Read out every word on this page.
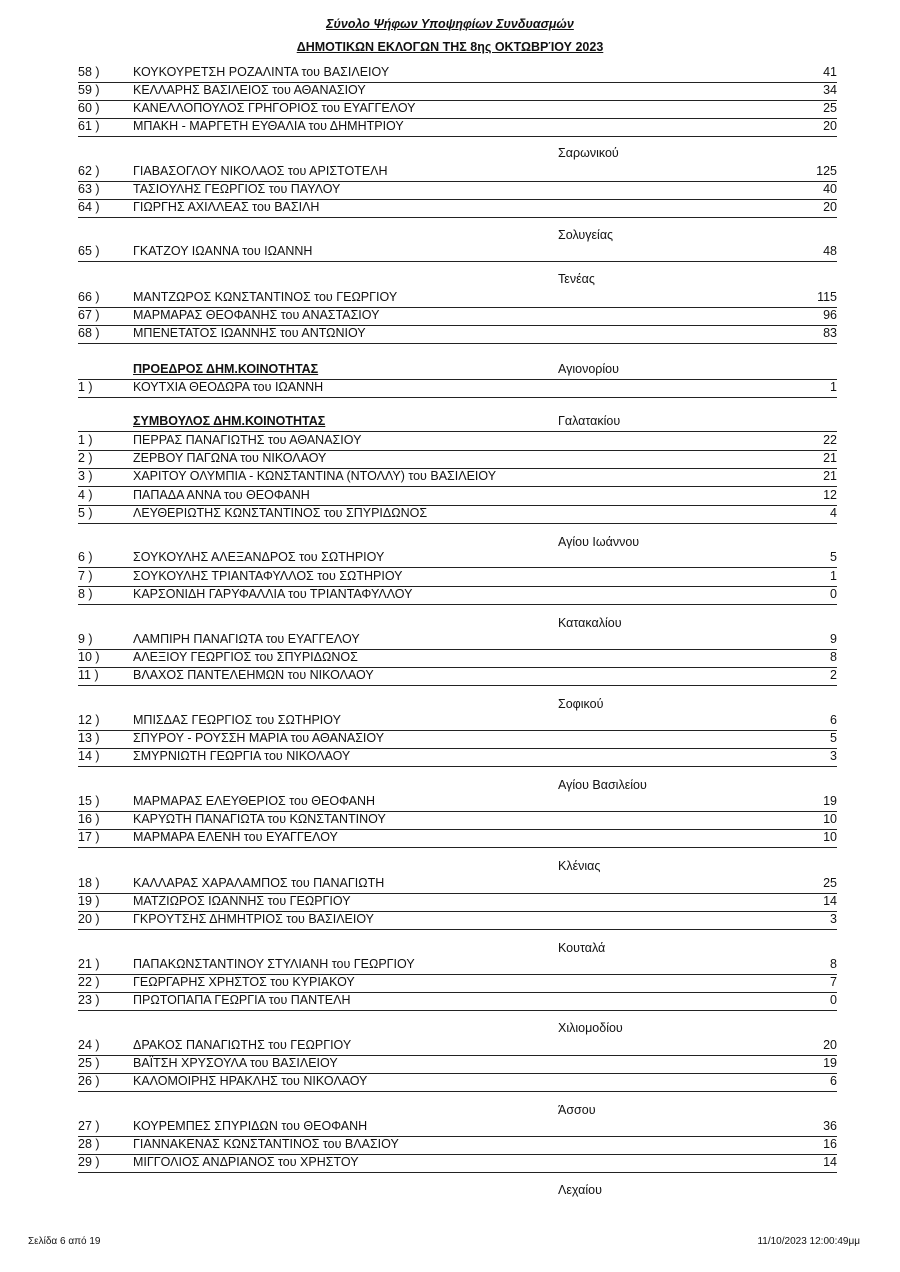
Σύνολο Ψήφων Υποψηφίων Συνδυασμών
ΔΗΜΟΤΙΚΩΝ ΕΚΛΟΓΩΝ ΤΗΣ 8ης ΟΚΤΩΒΡΊΟΥ 2023
58 )	ΚΟΥΚΟΥΡΕΤΣΗ ΡΟΖΑΛΙΝΤΑ του ΒΑΣΙΛΕΙΟΥ	41
59 )	ΚΕΛΛΑΡΗΣ ΒΑΣΙΛΕΙΟΣ του ΑΘΑΝΑΣΙΟΥ	34
60 )	ΚΑΝΕΛΛΟΠΟΥΛΟΣ ΓΡΗΓΟΡΙΟΣ του ΕΥΑΓΓΕΛΟΥ	25
61 )	ΜΠΑΚΗ - ΜΑΡΓΕΤΗ ΕΥΘΑΛΙΑ του ΔΗΜΗΤΡΙΟΥ	20
Σαρωνικού
62 )	ΓΙΑΒΑΣΟΓΛΟΥ ΝΙΚΟΛΑΟΣ του ΑΡΙΣΤΟΤΕΛΗ	125
63 )	ΤΑΣΙΟΥΛΗΣ ΓΕΩΡΓΙΟΣ του ΠΑΥΛΟΥ	40
64 )	ΓΙΩΡΓΗΣ ΑΧΙΛΛΕΑΣ του ΒΑΣΙΛΗ	20
Σολυγείας
65 )	ΓΚΑΤΖΟΥ ΙΩΑΝΝΑ του ΙΩΑΝΝΗ	48
Τενέας
66 )	ΜΑΝΤΖΩΡΟΣ ΚΩΝΣΤΑΝΤΙΝΟΣ του ΓΕΩΡΓΙΟΥ	115
67 )	ΜΑΡΜΑΡΑΣ ΘΕΟΦΑΝΗΣ του ΑΝΑΣΤΑΣΙΟΥ	96
68 )	ΜΠΕΝΕΤΑΤΟΣ ΙΩΑΝΝΗΣ του ΑΝΤΩΝΙΟΥ	83
ΠΡΟΕΔΡΟΣ ΔΗΜ.ΚΟΙΝΟΤΗΤΑΣ	Αγιονορίου
1 )	ΚΟΥΤΧΙΑ ΘΕΟΔΩΡΑ του ΙΩΑΝΝΗ	1
ΣΥΜΒΟΥΛΟΣ ΔΗΜ.ΚΟΙΝΟΤΗΤΑΣ	Γαλατακίου
1 )	ΠΕΡΡΑΣ ΠΑΝΑΓΙΩΤΗΣ του ΑΘΑΝΑΣΙΟΥ	22
2 )	ΖΕΡΒΟΥ ΠΑΓΩΝΑ του ΝΙΚΟΛΑΟΥ	21
3 )	ΧΑΡΙΤΟΥ ΟΛΥΜΠΙΑ - ΚΩΝΣΤΑΝΤΙΝΑ (ΝΤΟΛΛΥ) του ΒΑΣΙΛΕΙΟΥ	21
4 )	ΠΑΠΑΔΑ ΑΝΝΑ του ΘΕΟΦΑΝΗ	12
5 )	ΛΕΥΘΕΡΙΩΤΗΣ ΚΩΝΣΤΑΝΤΙΝΟΣ του ΣΠΥΡΙΔΩΝΟΣ	4
Αγίου Ιωάννου
6 )	ΣΟΥΚΟΥΛΗΣ ΑΛΕΞΑΝΔΡΟΣ του ΣΩΤΗΡΙΟΥ	5
7 )	ΣΟΥΚΟΥΛΗΣ ΤΡΙΑΝΤΑΦΥΛΛΟΣ του ΣΩΤΗΡΙΟΥ	1
8 )	ΚΑΡΣΟΝΙΔΗ ΓΑΡΥΦΑΛΛΙΑ του ΤΡΙΑΝΤΑΦΥΛΛΟΥ	0
Κατακαλίου
9 )	ΛΑΜΠΙΡΗ ΠΑΝΑΓΙΩΤΑ του ΕΥΑΓΓΕΛΟΥ	9
10 )	ΑΛΕΞΙΟΥ ΓΕΩΡΓΙΟΣ του ΣΠΥΡΙΔΩΝΟΣ	8
11 )	ΒΛΑΧΟΣ ΠΑΝΤΕΛΕΗΜΩΝ του ΝΙΚΟΛΑΟΥ	2
Σοφικού
12 )	ΜΠΙΣΔΑΣ ΓΕΩΡΓΙΟΣ του ΣΩΤΗΡΙΟΥ	6
13 )	ΣΠΥΡΟΥ - ΡΟΥΣΣΗ ΜΑΡΙΑ του ΑΘΑΝΑΣΙΟΥ	5
14 )	ΣΜΥΡΝΙΩΤΗ ΓΕΩΡΓΙΑ του ΝΙΚΟΛΑΟΥ	3
Αγίου Βασιλείου
15 )	ΜΑΡΜΑΡΑΣ ΕΛΕΥΘΕΡΙΟΣ του ΘΕΟΦΑΝΗ	19
16 )	ΚΑΡΥΩΤΗ ΠΑΝΑΓΙΩΤΑ του ΚΩΝΣΤΑΝΤΙΝΟΥ	10
17 )	ΜΑΡΜΑΡΑ ΕΛΕΝΗ του ΕΥΑΓΓΕΛΟΥ	10
Κλένιας
18 )	ΚΑΛΛΑΡΑΣ ΧΑΡΑΛΑΜΠΟΣ του ΠΑΝΑΓΙΩΤΗ	25
19 )	ΜΑΤΖΙΩΡΟΣ ΙΩΑΝΝΗΣ του ΓΕΩΡΓΙΟΥ	14
20 )	ΓΚΡΟΥΤΣΗΣ ΔΗΜΗΤΡΙΟΣ του ΒΑΣΙΛΕΙΟΥ	3
Κουταλά
21 )	ΠΑΠΑΚΩΝΣΤΑΝΤΙΝΟΥ ΣΤΥΛΙΑΝΗ του ΓΕΩΡΓΙΟΥ	8
22 )	ΓΕΩΡΓΑΡΗΣ ΧΡΗΣΤΟΣ του ΚΥΡΙΑΚΟΥ	7
23 )	ΠΡΩΤΟΠΑΠΑ ΓΕΩΡΓΙΑ του ΠΑΝΤΕΛΗ	0
Χιλιομοδίου
24 )	ΔΡΑΚΟΣ ΠΑΝΑΓΙΩΤΗΣ του ΓΕΩΡΓΙΟΥ	20
25 )	ΒΑΪΤΣΗ ΧΡΥΣΟΥΛΑ του ΒΑΣΙΛΕΙΟΥ	19
26 )	ΚΑΛΟΜΟΙΡΗΣ ΗΡΑΚΛΗΣ του ΝΙΚΟΛΑΟΥ	6
Άσσου
27 )	ΚΟΥΡΕΜΠΕΣ ΣΠΥΡΙΔΩΝ του ΘΕΟΦΑΝΗ	36
28 )	ΓΙΑΝΝΑΚΕΝΑΣ ΚΩΝΣΤΑΝΤΙΝΟΣ του ΒΛΑΣΙΟΥ	16
29 )	ΜΙΓΓΟΛΙΟΣ ΑΝΔΡΙΑΝΟΣ του ΧΡΗΣΤΟΥ	14
Λεχαίου
Σελίδα 6 από 19	11/10/2023 12:00:49μμ
